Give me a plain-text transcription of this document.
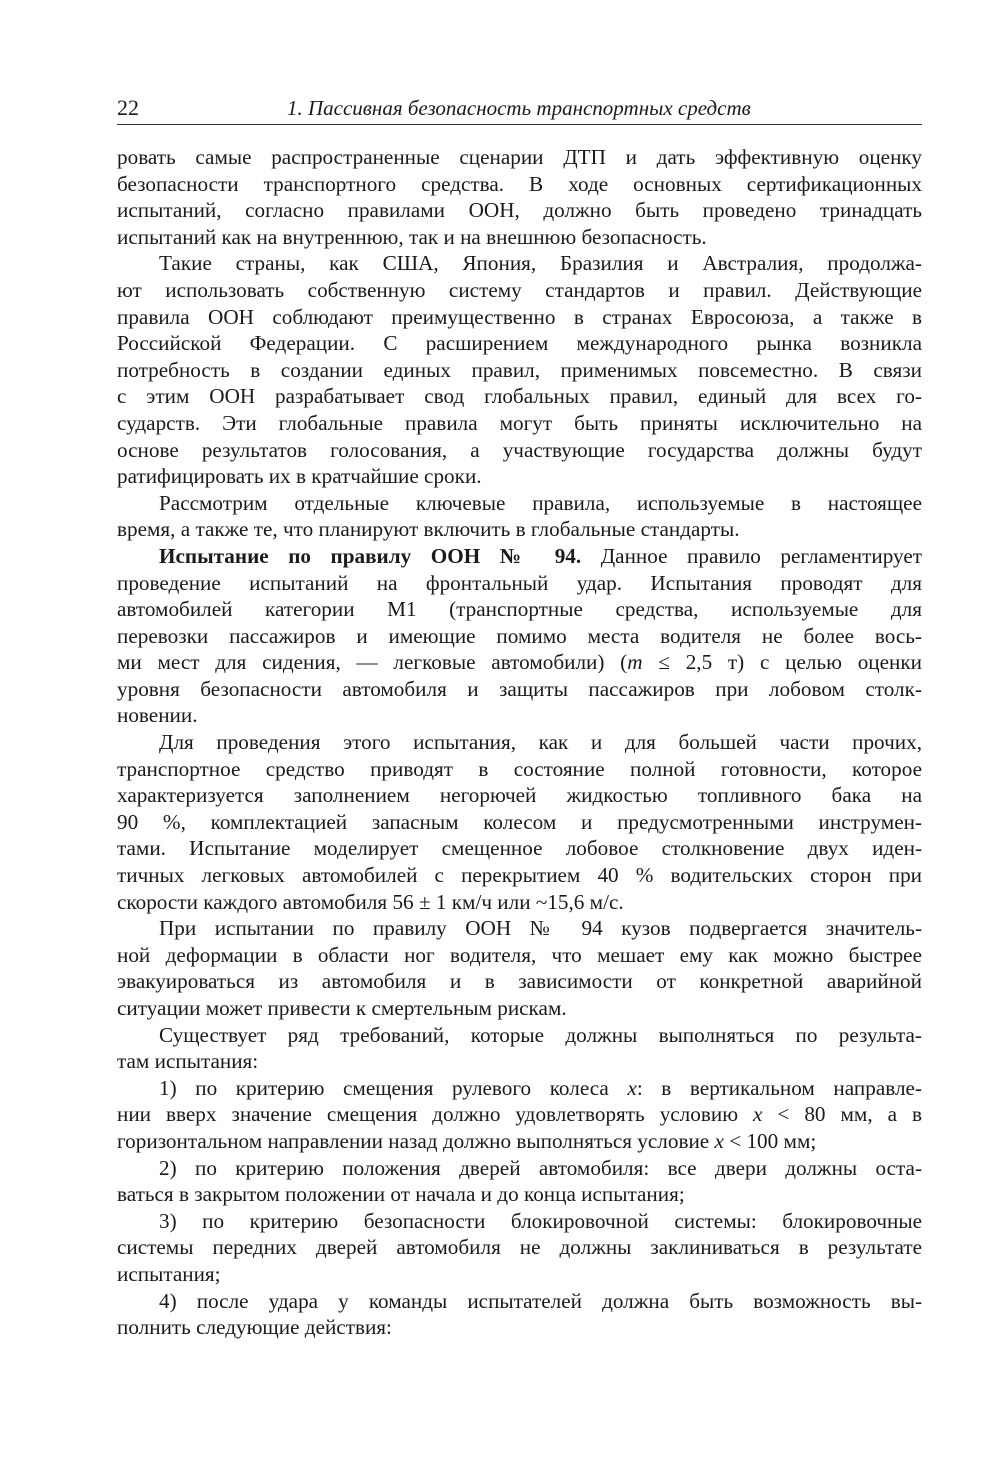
22	1. Пассивная безопасность транспортных средств

ровать самые распространенные сценарии ДТП и дать эффективную оценку
безопасности транспортного средства. В ходе основных сертификационных
испытаний, согласно правилами ООН, должно быть проведено тринадцать
испытаний как на внутреннюю, так и на внешнюю безопасность.

Такие страны, как США, Япония, Бразилия и Австралия, продолжа-
ют использовать собственную систему стандартов и правил. Действующие
правила ООН соблюдают преимущественно в странах Евросоюза, а также в
Российской Федерации. С расширением международного рынка возникла
потребность в создании единых правил, применимых повсеместно. В связи
с этим ООН разрабатывает свод глобальных правил, единый для всех го-
сударств. Эти глобальные правила могут быть приняты исключительно на
основе результатов голосования, а участвующие государства должны будут
ратифицировать их в кратчайшие сроки.

Рассмотрим отдельные ключевые правила, используемые в настоящее
время, а также те, что планируют включить в глобальные стандарты.

Испытание по правилу ООН № 94. Данное правило регламентирует
проведение испытаний на фронтальный удар. Испытания проводят для
автомобилей категории М1 (транспортные средства, используемые для
перевозки пассажиров и имеющие помимо места водителя не более вось-
ми мест для сидения, — легковые автомобили) (m ≤ 2,5 т) с целью оценки
уровня безопасности автомобиля и защиты пассажиров при лобовом столк-
новении.

Для проведения этого испытания, как и для большей части прочих,
транспортное средство приводят в состояние полной готовности, которое
характеризуется заполнением негорючей жидкостью топливного бака на
90 %, комплектацией запасным колесом и предусмотренными инструмен-
тами. Испытание моделирует смещенное лобовое столкновение двух иден-
тичных легковых автомобилей с перекрытием 40 % водительских сторон при
скорости каждого автомобиля 56 ± 1 км/ч или ~15,6 м/с.

При испытании по правилу ООН № 94 кузов подвергается значитель-
ной деформации в области ног водителя, что мешает ему как можно быстрее
эвакуироваться из автомобиля и в зависимости от конкретной аварийной
ситуации может привести к смертельным рискам.

Существует ряд требований, которые должны выполняться по результа-
там испытания:

1) по критерию смещения рулевого колеса x: в вертикальном направле-
нии вверх значение смещения должно удовлетворять условию x < 80 мм, а в
горизонтальном направлении назад должно выполняться условие x < 100 мм;

2) по критерию положения дверей автомобиля: все двери должны оста-
ваться в закрытом положении от начала и до конца испытания;

3) по критерию безопасности блокировочной системы: блокировочные
системы передних дверей автомобиля не должны заклиниваться в результате
испытания;

4) после удара у команды испытателей должна быть возможность вы-
полнить следующие действия:
